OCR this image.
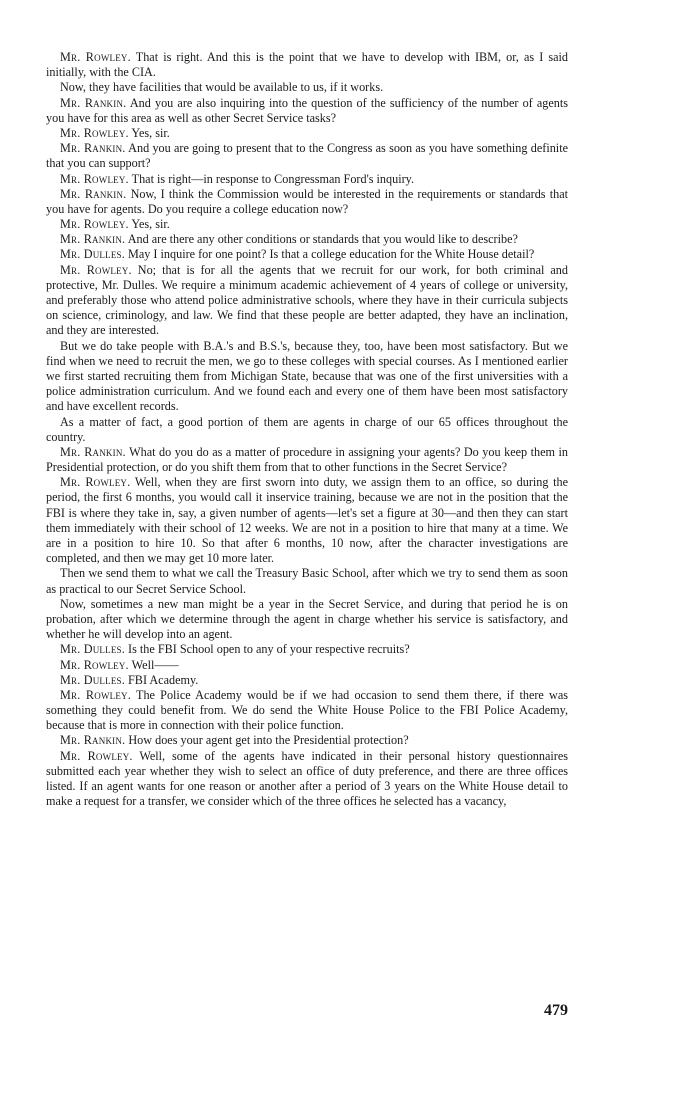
Mr. Rowley. That is right. And this is the point that we have to develop with IBM, or, as I said initially, with the CIA.

Now, they have facilities that would be available to us, if it works.

Mr. Rankin. And you are also inquiring into the question of the sufficiency of the number of agents you have for this area as well as other Secret Service tasks?

Mr. Rowley. Yes, sir.

Mr. Rankin. And you are going to present that to the Congress as soon as you have something definite that you can support?

Mr. Rowley. That is right—in response to Congressman Ford's inquiry.

Mr. Rankin. Now, I think the Commission would be interested in the requirements or standards that you have for agents. Do you require a college education now?

Mr. Rowley. Yes, sir.

Mr. Rankin. And are there any other conditions or standards that you would like to describe?

Mr. Dulles. May I inquire for one point? Is that a college education for the White House detail?

Mr. Rowley. No; that is for all the agents that we recruit for our work, for both criminal and protective, Mr. Dulles. We require a minimum academic achievement of 4 years of college or university, and preferably those who attend police administrative schools, where they have in their curricula subjects on science, criminology, and law. We find that these people are better adapted, they have an inclination, and they are interested.

But we do take people with B.A.'s and B.S.'s, because they, too, have been most satisfactory. But we find when we need to recruit the men, we go to these colleges with special courses. As I mentioned earlier we first started recruiting them from Michigan State, because that was one of the first universities with a police administration curriculum. And we found each and every one of them have been most satisfactory and have excellent records.

As a matter of fact, a good portion of them are agents in charge of our 65 offices throughout the country.

Mr. Rankin. What do you do as a matter of procedure in assigning your agents? Do you keep them in Presidential protection, or do you shift them from that to other functions in the Secret Service?

Mr. Rowley. Well, when they are first sworn into duty, we assign them to an office, so during the period, the first 6 months, you would call it inservice training, because we are not in the position that the FBI is where they take in, say, a given number of agents—let's set a figure at 30—and then they can start them immediately with their school of 12 weeks. We are not in a position to hire that many at a time. We are in a position to hire 10. So that after 6 months, 10 now, after the character investigations are completed, and then we may get 10 more later.

Then we send them to what we call the Treasury Basic School, after which we try to send them as soon as practical to our Secret Service School.

Now, sometimes a new man might be a year in the Secret Service, and during that period he is on probation, after which we determine through the agent in charge whether his service is satisfactory, and whether he will develop into an agent.

Mr. Dulles. Is the FBI School open to any of your respective recruits?

Mr. Rowley. Well——

Mr. Dulles. FBI Academy.

Mr. Rowley. The Police Academy would be if we had occasion to send them there, if there was something they could benefit from. We do send the White House Police to the FBI Police Academy, because that is more in connection with their police function.

Mr. Rankin. How does your agent get into the Presidential protection?

Mr. Rowley. Well, some of the agents have indicated in their personal history questionnaires submitted each year whether they wish to select an office of duty preference, and there are three offices listed. If an agent wants for one reason or another after a period of 3 years on the White House detail to make a request for a transfer, we consider which of the three offices he selected has a vacancy,

479
